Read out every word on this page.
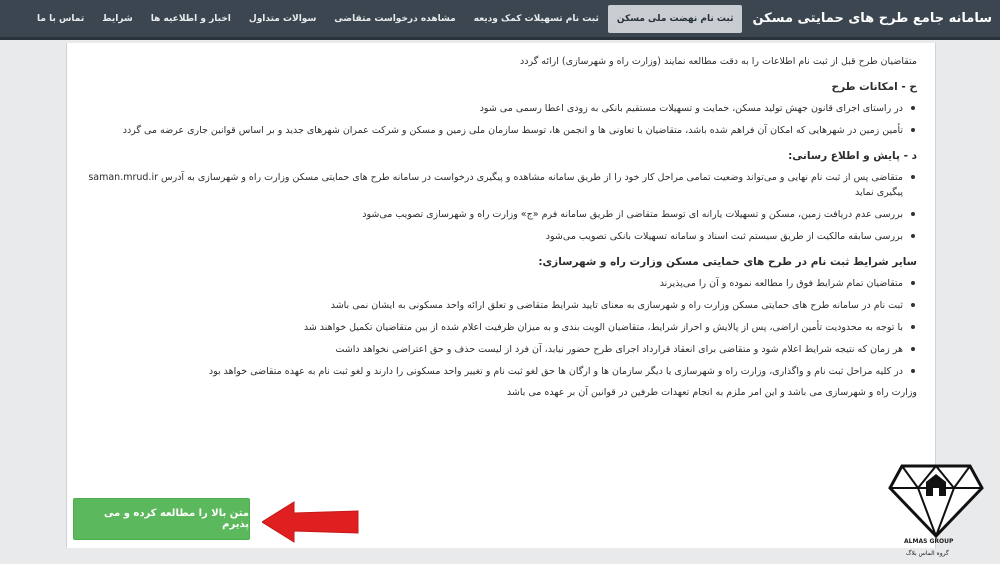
سامانه جامع طرح های حمایتی مسکن
ثبت نام نهضت ملی مسکن
ثبت نام تسهیلات کمک ودیعه
مشاهده درخواست متقاضی
سوالات متداول
اخبار و اطلاعیه ها
شرایط
تماس با ما
متقاضیان طرح قبل از ثبت نام اطلاعات را به دقت مطالعه نمایند (وزارت راه و شهرسازی) ارائه گردد
ح - امکانات طرح
در راستای اجرای قانون جهش تولید مسکن، حمایت و تسهیلات مستقیم بانکی به زودی اعطا رسمی می شود
تأمین زمین در شهرهایی که امکان آن فراهم شده باشد، متقاضیان با تعاونی ها و انجمن ها، توسط سازمان ملی زمین و مسکن و شرکت عمران شهرهای جدید و بر اساس قوانین جاری عرضه می گردد
د - پایش و اطلاع رسانی:
متقاضی پس از ثبت نام نهایی و می‌تواند وضعیت تمامی مراحل کار خود را از طریق سامانه مشاهده و پیگیری درخواست در سامانه طرح های حمایتی مسکن وزارت راه و شهرسازی به آدرس saman.mrud.ir پیگیری نماید
بررسی عدم دریافت زمین، مسکن و تسهیلات یارانه ای توسط متقاضی از طریق سامانه فرم «ج» وزارت راه و شهرسازی تصویب می‌شود
بررسی سابقه مالکیت از طریق سیستم ثبت اسناد و سامانه تسهیلات بانکی تصویب می‌شود
سایر شرایط ثبت نام در طرح های حمایتی مسکن وزارت راه و شهرسازی:
متقاضیان تمام شرایط فوق را مطالعه نموده و آن را می‌پذیرند
ثبت نام در سامانه طرح های حمایتی مسکن وزارت راه و شهرسازی به معنای تایید شرایط متقاضی و تعلق ارائه واحد مسکونی به ایشان نمی باشد
با توجه به محدودیت تأمین اراضی، پس از پالایش و احراز شرایط، متقاضیان الویت بندی و به میزان ظرفیت اعلام شده از بین متقاضیان تکمیل خواهند شد
هر زمان که نتیجه شرایط اعلام شود و متقاضی برای انعقاد قرارداد اجرای طرح حضور نیابد، آن فرد از لیست حذف و حق اعتراضی نخواهد داشت
در کلیه مراحل ثبت نام و واگذاری، وزارت راه و شهرسازی یا دیگر سازمان ها و ارگان ها حق لغو ثبت نام و تغییر واحد مسکونی را دارند و لغو ثبت نام به عهده متقاضی خواهد بود
وزارت راه و شهرسازی می باشد و این امر ملزم به انجام تعهدات طرفین در قوانین آن بر عهده می باشد
متن بالا را مطالعه کرده و می پذیرم
ALMAS GROUP
گروه الماس بلاگ
